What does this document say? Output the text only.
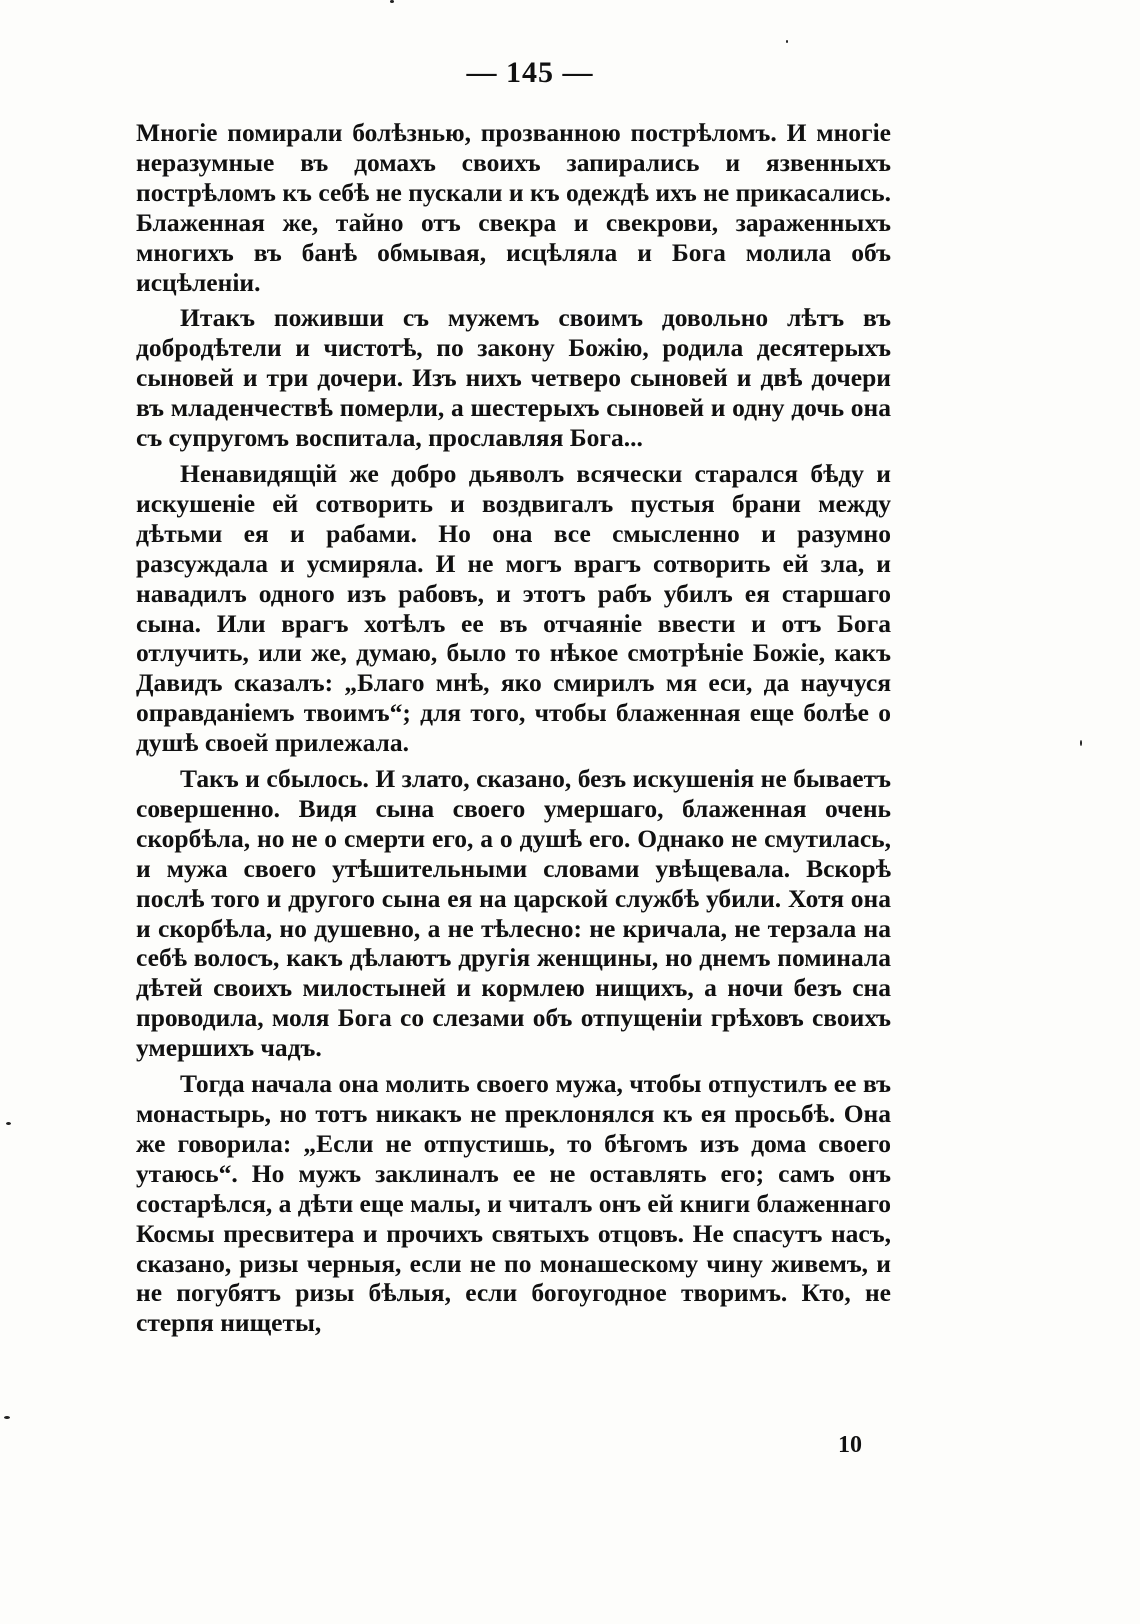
— 145 —

Многіе помирали болѣзнью, прозванною пострѣломъ. И многіе неразумные въ домахъ своихъ запирались и язвенныхъ пострѣломъ къ себѣ не пускали и къ одеждѣ ихъ не прикасались. Блаженная же, тайно отъ свекра и свекрови, зараженныхъ многихъ въ банѣ обмывая, исцѣляла и Бога молила объ исцѣленіи.

Итакъ поживши съ мужемъ своимъ довольно лѣтъ въ добродѣтели и чистотѣ, по закону Божію, родила десятерыхъ сыновей и три дочери. Изъ нихъ четверо сыновей и двѣ дочери въ младенчествѣ померли, а шестерыхъ сыновей и одну дочь она съ супругомъ воспитала, прославляя Бога...

Ненавидящій же добро дьяволъ всячески старался бѣду и искушеніе ей сотворить и воздвигалъ пустыя брани между дѣтьми ея и рабами. Но она все смысленно и разумно разсуждала и усмиряла. И не могъ врагъ сотворить ей зла, и навадилъ одного изъ рабовъ, и этотъ рабъ убилъ ея старшаго сына. Или врагъ хотѣлъ ее въ отчаяніе ввести и отъ Бога отлучить, или же, думаю, было то нѣкое смотрѣніе Божіе, какъ Давидъ сказалъ: „Благо мнѣ, яко смирилъ мя еси, да научуся оправданіемъ твоимъ“; для того, чтобы блаженная еще болѣе о душѣ своей прилежала.

Такъ и сбылось. И злато, сказано, безъ искушенія не бываетъ совершенно. Видя сына своего умершаго, блаженная очень скорбѣла, но не о смерти его, а о душѣ его. Однако не смутилась, и мужа своего утѣшительными словами увѣщевала. Вскорѣ послѣ того и другого сына ея на царской службѣ убили. Хотя она и скорбѣла, но душевно, а не тѣлесно: не кричала, не терзала на себѣ волосъ, какъ дѣлаютъ другія женщины, но днемъ поминала дѣтей своихъ милостыней и кормлею нищихъ, а ночи безъ сна проводила, моля Бога со слезами объ отпущеніи грѣховъ своихъ умершихъ чадъ.

Тогда начала она молить своего мужа, чтобы отпустилъ ее въ монастырь, но тотъ никакъ не преклонялся къ ея просьбѣ. Она же говорила: „Если не отпустишь, то бѣгомъ изъ дома своего утаюсь“. Но мужъ заклиналъ ее не оставлять его; самъ онъ состарѣлся, а дѣти еще малы, и читалъ онъ ей книги блаженнаго Космы пресвитера и прочихъ святыхъ отцовъ. Не спасутъ насъ, сказано, ризы черныя, если не по монашескому чину живемъ, и не погубятъ ризы бѣлыя, если богоугодное творимъ. Кто, не стерпя нищеты,

10
